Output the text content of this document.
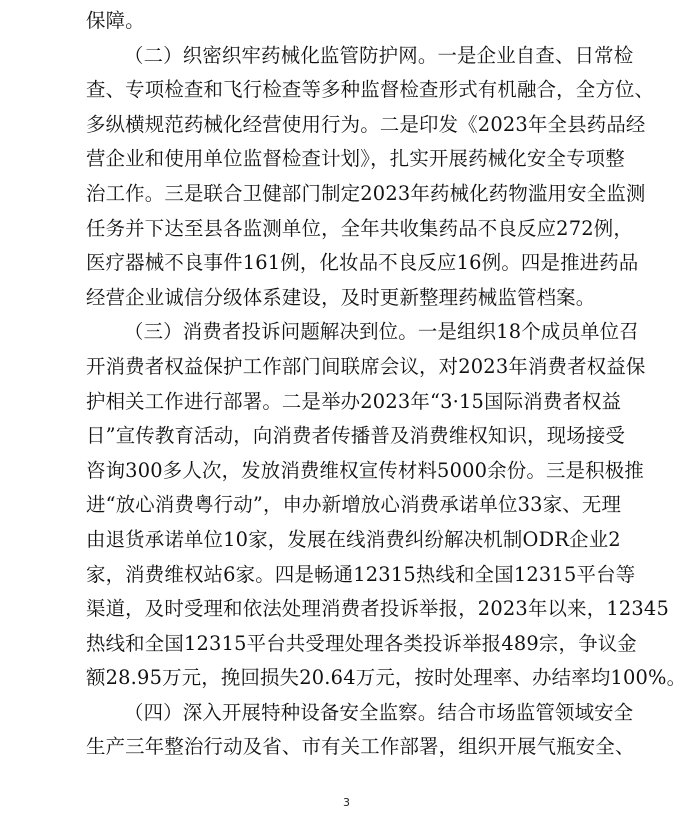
保障。
（二）织密织牢药械化监管防护网。一是企业自查、日常检
查、专项检查和飞行检查等多种监督检查形式有机融合，全方位、
多纵横规范药械化经营使用行为。二是印发《2023年全县药品经
营企业和使用单位监督检查计划》，扎实开展药械化安全专项整
治工作。三是联合卫健部门制定2023年药械化药物滥用安全监测
任务并下达至县各监测单位，全年共收集药品不良反应272例，
医疗器械不良事件161例，化妆品不良反应16例。四是推进药品
经营企业诚信分级体系建设，及时更新整理药械监管档案。
（三）消费者投诉问题解决到位。一是组织18个成员单位召
开消费者权益保护工作部门间联席会议，对2023年消费者权益保
护相关工作进行部署。二是举办2023年“3·15国际消费者权益
日”宣传教育活动，向消费者传播普及消费维权知识，现场接受
咨询300多人次，发放消费维权宣传材料5000余份。三是积极推
进“放心消费粤行动”，申办新增放心消费承诺单位33家、无理
由退货承诺单位10家，发展在线消费纠纷解决机制ODR企业2
家，消费维权站6家。四是畅通12315热线和全国12315平台等
渠道，及时受理和依法处理消费者投诉举报，2023年以来，12345
热线和全国12315平台共受理处理各类投诉举报489宗，争议金
额28.95万元，挽回损失20.64万元，按时处理率、办结率均100%。
（四）深入开展特种设备安全监察。结合市场监管领域安全
生产三年整治行动及省、市有关工作部署，组织开展气瓶安全、
3
